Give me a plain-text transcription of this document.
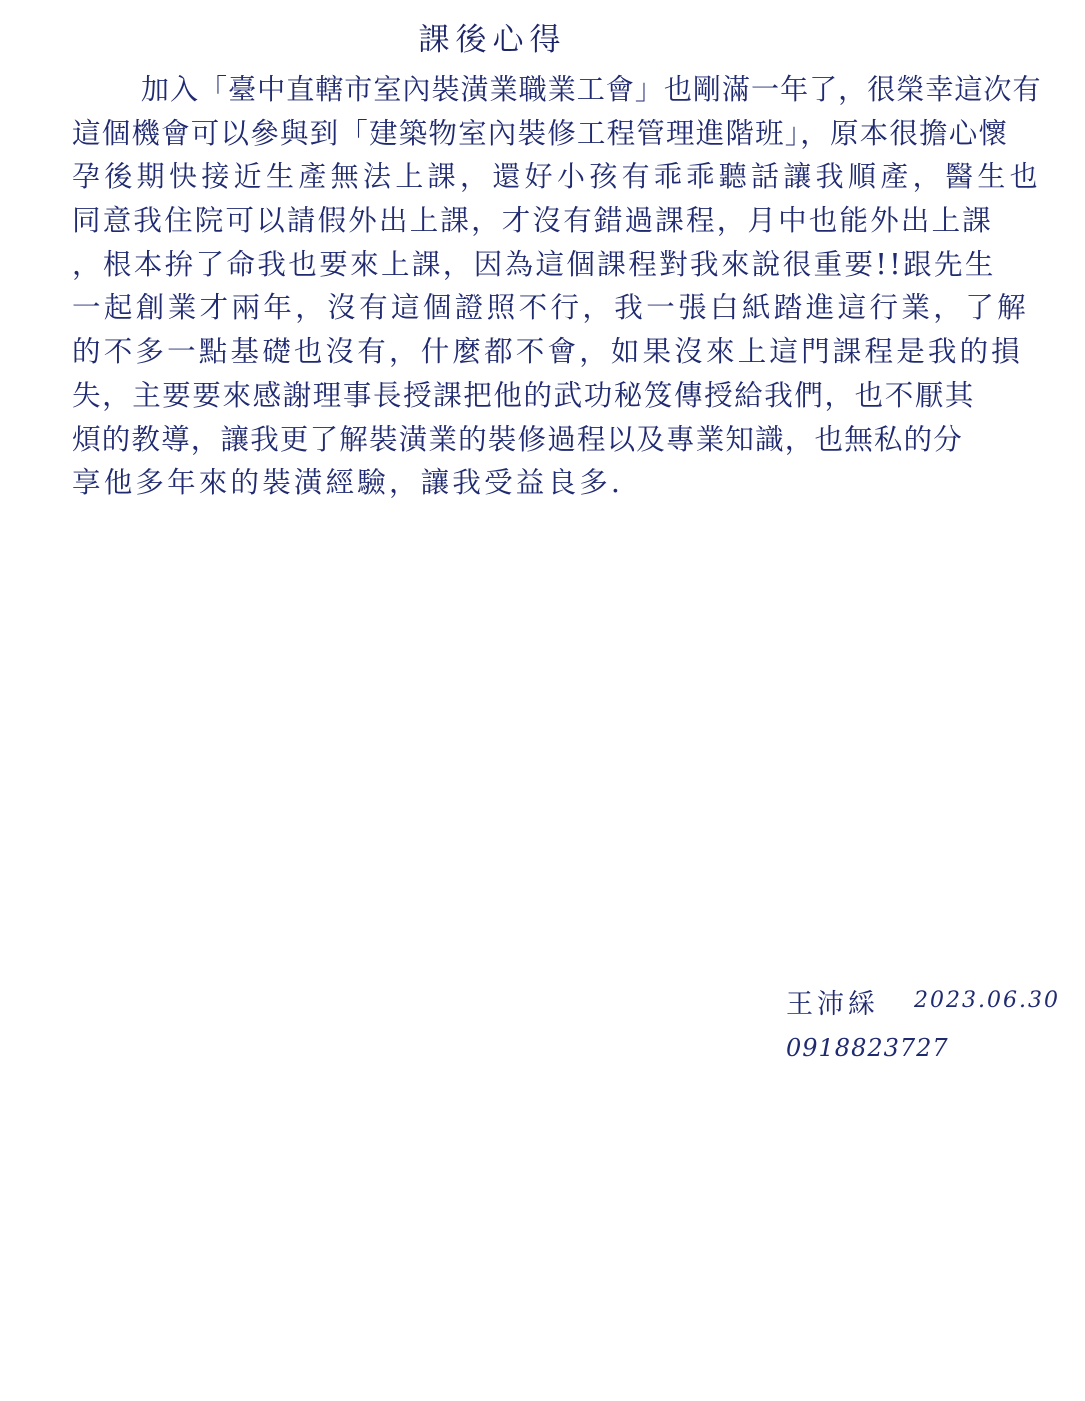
課後心得
加入「臺中直轄市室內裝潢業職業工會」也剛滿一年了，很榮幸這次有
這個機會可以參與到「建築物室內裝修工程管理進階班」，原本很擔心懷
孕後期快接近生產無法上課，還好小孩有乖乖聽話讓我順產，醫生也
同意我住院可以請假外出上課，才沒有錯過課程，月中也能外出上課
，根本拚了命我也要來上課，因為這個課程對我來說很重要!!跟先生
一起創業才兩年，沒有這個證照不行，我一張白紙踏進這行業，了解
的不多一點基礎也沒有，什麼都不會，如果沒來上這門課程是我的損
失，主要要來感謝理事長授課把他的武功秘笈傳授給我們，也不厭其
煩的教導，讓我更了解裝潢業的裝修過程以及專業知識，也無私的分
享他多年來的裝潢經驗，讓我受益良多.
王沛綵 2023.06.30
0918823727
